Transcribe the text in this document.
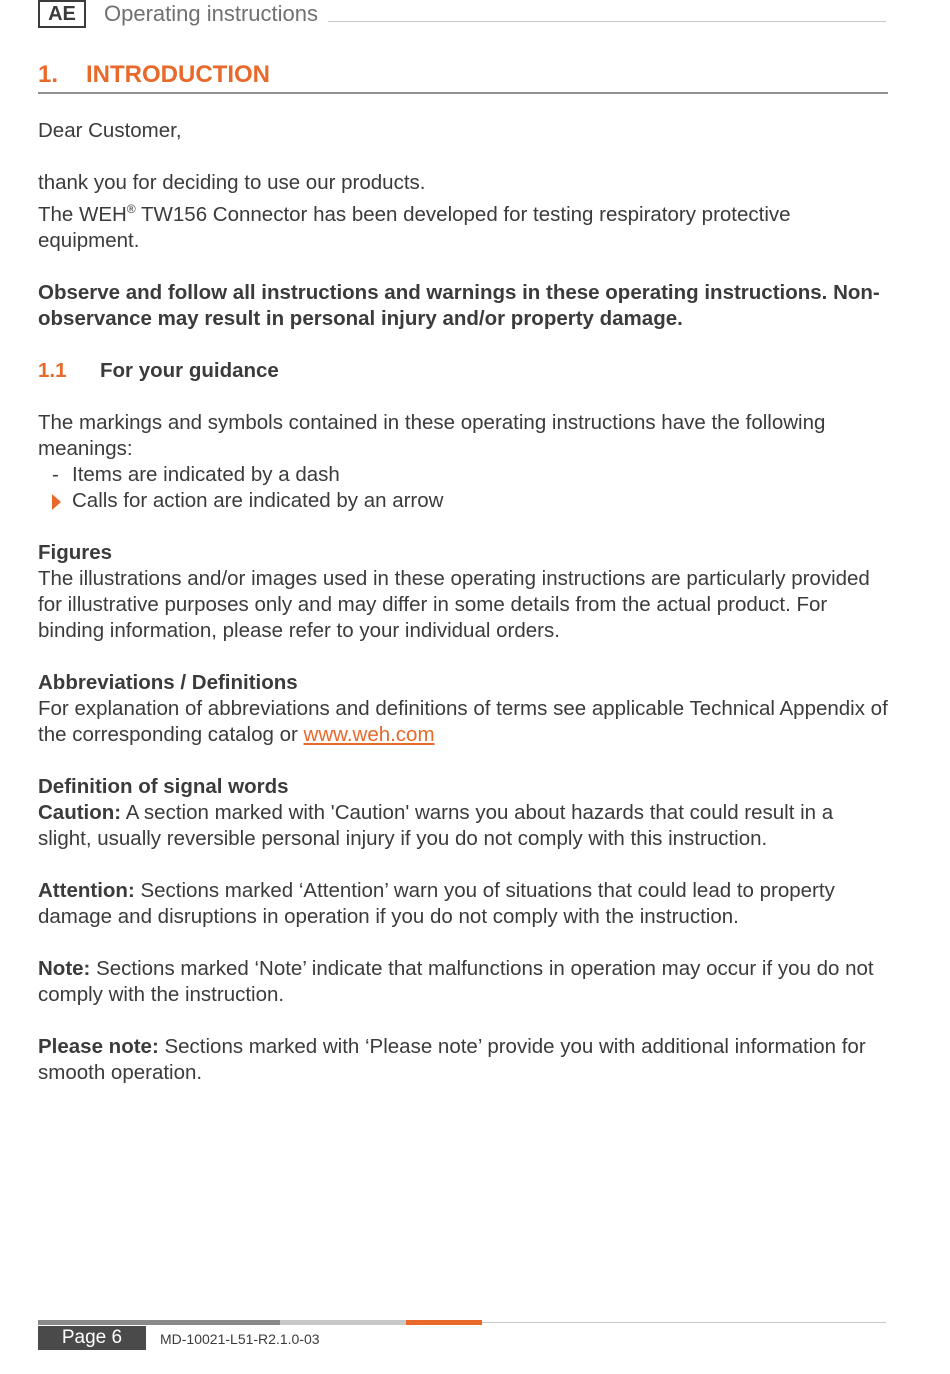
AE	Operating instructions
1. INTRODUCTION

Dear Customer,

thank you for deciding to use our products.

The WEH® TW156 Connector has been developed for testing respiratory protective equipment.

Observe and follow all instructions and warnings in these operating instructions. Non-observance may result in personal injury and/or property damage.

1.1 For your guidance

The markings and symbols contained in these operating instructions have the following meanings:

- Items are indicated by a dash
Calls for action are indicated by an arrow

Figures

The illustrations and/or images used in these operating instructions are particularly provided for illustrative purposes only and may differ in some details from the actual product. For binding information, please refer to your individual orders.

Abbreviations / Definitions

For explanation of abbreviations and definitions of terms see applicable Technical Appendix of the corresponding catalog or www.weh.com

Definition of signal words

Caution: A section marked with 'Caution' warns you about hazards that could result in a slight, usually reversible personal injury if you do not comply with this instruction.

Attention: Sections marked ‘Attention’ warn you of situations that could lead to property damage and disruptions in operation if you do not comply with the instruction.

Note: Sections marked ‘Note’ indicate that malfunctions in operation may occur if you do not comply with the instruction.

Please note: Sections marked with ‘Please note’ provide you with additional information for smooth operation.

Page 6	MD-10021-L51-R2.1.0-03
